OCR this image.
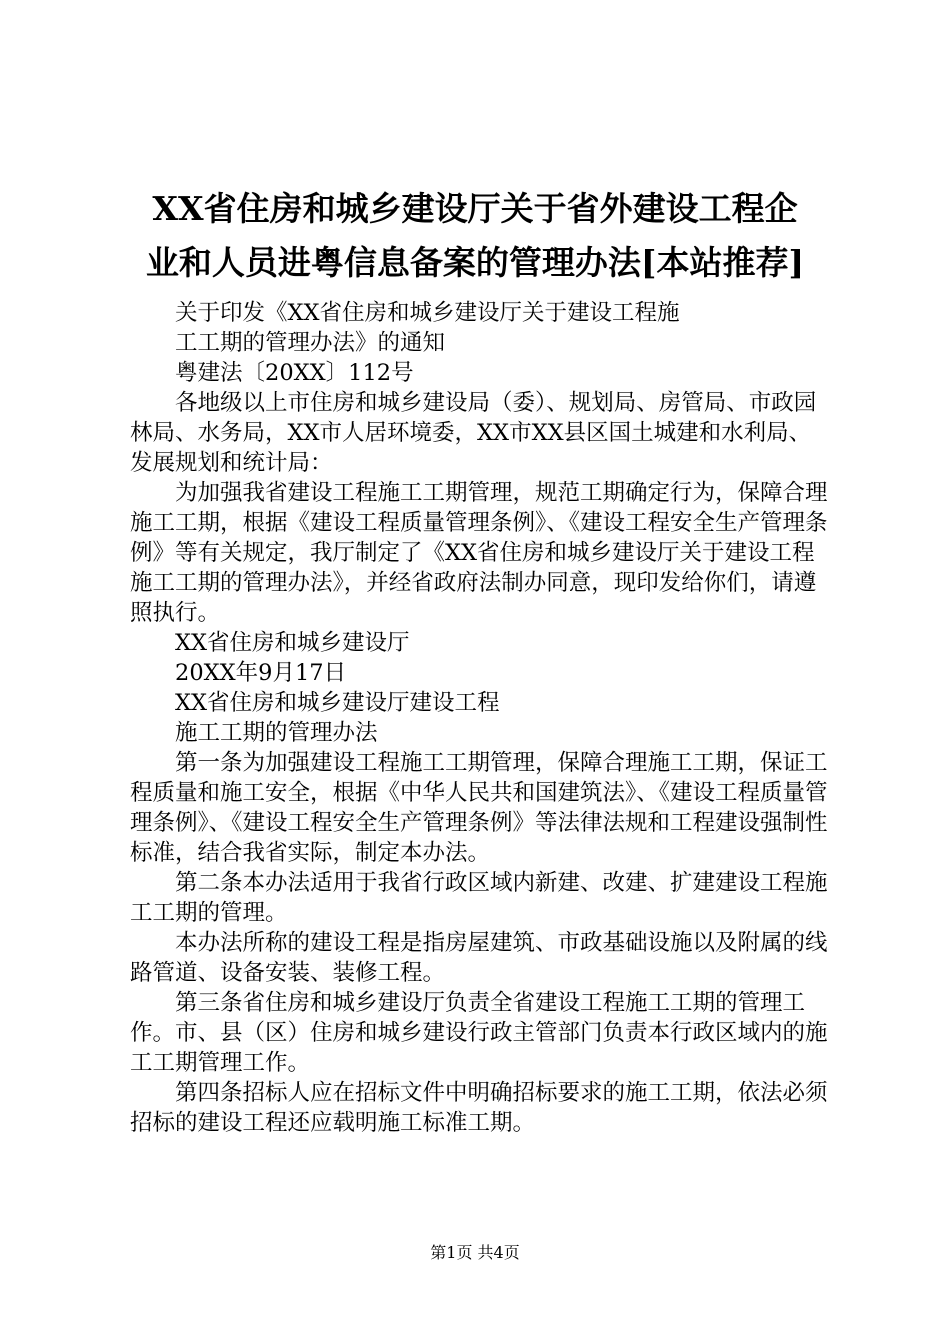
XX省住房和城乡建设厅关于省外建设工程企
业和人员进粤信息备案的管理办法[本站推荐]

关于印发《XX省住房和城乡建设厅关于建设工程施

工工期的管理办法》的通知

粤建法〔20XX〕112号

各地级以上市住房和城乡建设局（委）、规划局、房管局、市政园林局、水务局，XX市人居环境委，XX市XX县区国土城建和水利局、发展规划和统计局：

为加强我省建设工程施工工期管理，规范工期确定行为，保障合理施工工期，根据《建设工程质量管理条例》、《建设工程安全生产管理条例》等有关规定，我厅制定了《XX省住房和城乡建设厅关于建设工程施工工期的管理办法》，并经省政府法制办同意，现印发给你们，请遵照执行。

XX省住房和城乡建设厅

20XX年9月17日

XX省住房和城乡建设厅建设工程

施工工期的管理办法

第一条为加强建设工程施工工期管理，保障合理施工工期，保证工程质量和施工安全，根据《中华人民共和国建筑法》、《建设工程质量管理条例》、《建设工程安全生产管理条例》等法律法规和工程建设强制性标准，结合我省实际，制定本办法。

第二条本办法适用于我省行政区域内新建、改建、扩建建设工程施工工期的管理。

本办法所称的建设工程是指房屋建筑、市政基础设施以及附属的线路管道、设备安装、装修工程。

第三条省住房和城乡建设厅负责全省建设工程施工工期的管理工作。市、县（区）住房和城乡建设行政主管部门负责本行政区域内的施工工期管理工作。

第四条招标人应在招标文件中明确招标要求的施工工期，依法必须招标的建设工程还应载明施工标准工期。

第1页 共4页
